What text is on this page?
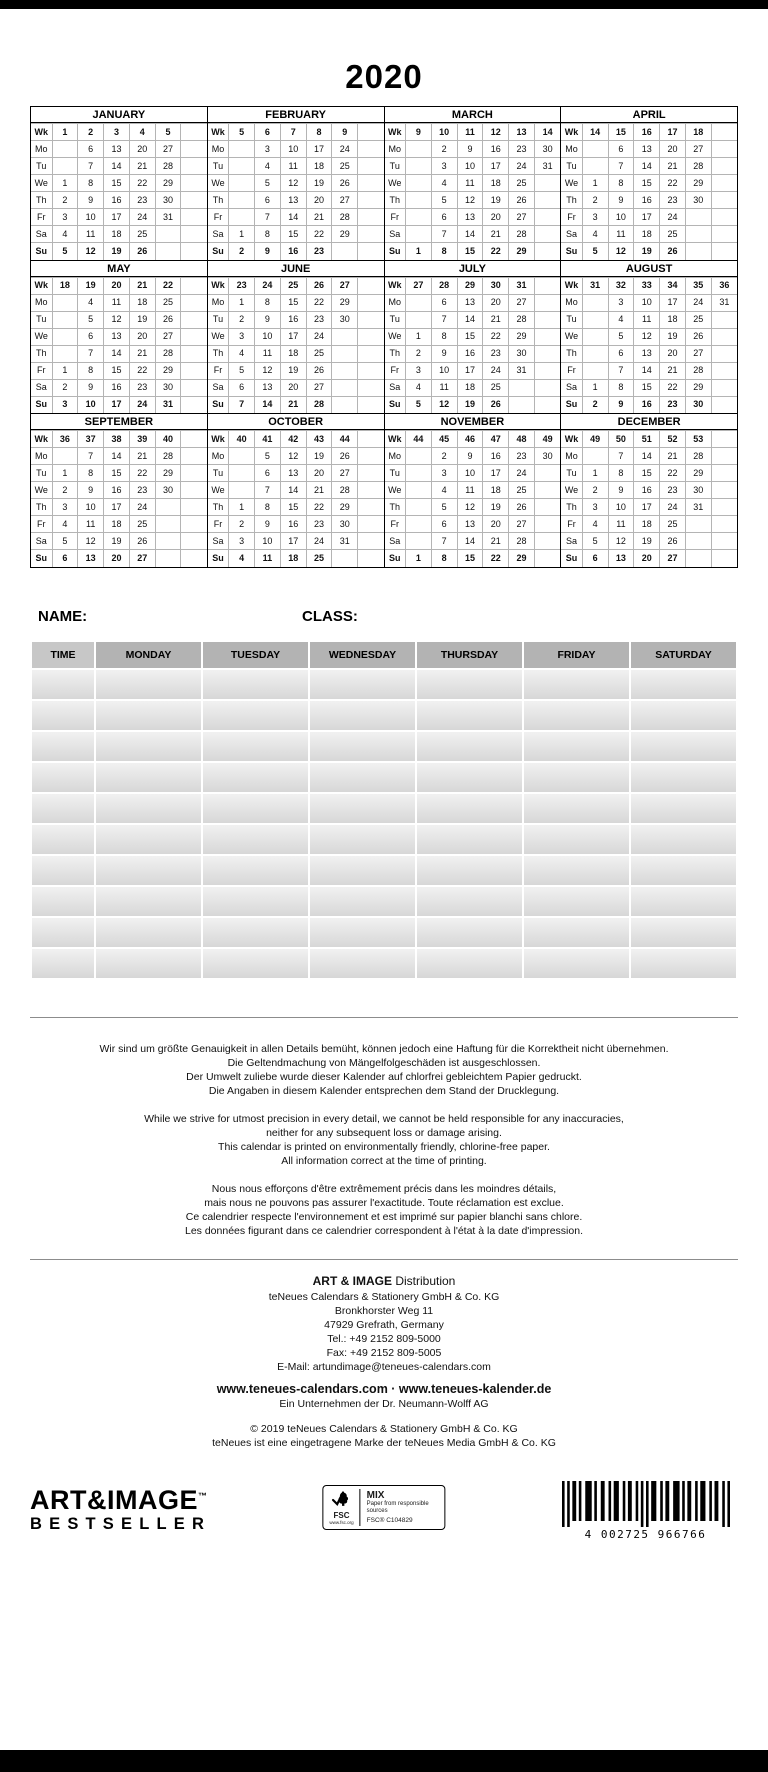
2020
JANUARY
Wk	1	2	3	4	5	
Mo		6	13	20	27	
Tu		7	14	21	28	
We	1	8	15	22	29	
Th	2	9	16	23	30	
Fr	3	10	17	24	31	
Sa	4	11	18	25		
Su	5	12	19	26		
FEBRUARY
Wk	5	6	7	8	9	
Mo		3	10	17	24	
Tu		4	11	18	25	
We		5	12	19	26	
Th		6	13	20	27	
Fr		7	14	21	28	
Sa	1	8	15	22	29	
Su	2	9	16	23		
MARCH
Wk	9	10	11	12	13	14
Mo		2	9	16	23	30
Tu		3	10	17	24	31
We		4	11	18	25	
Th		5	12	19	26	
Fr		6	13	20	27	
Sa		7	14	21	28	
Su	1	8	15	22	29	
APRIL
Wk	14	15	16	17	18	
Mo		6	13	20	27	
Tu		7	14	21	28	
We	1	8	15	22	29	
Th	2	9	16	23	30	
Fr	3	10	17	24		
Sa	4	11	18	25		
Su	5	12	19	26		
MAY
Wk	18	19	20	21	22	
Mo		4	11	18	25	
Tu		5	12	19	26	
We		6	13	20	27	
Th		7	14	21	28	
Fr	1	8	15	22	29	
Sa	2	9	16	23	30	
Su	3	10	17	24	31	
JUNE
Wk	23	24	25	26	27	
Mo	1	8	15	22	29	
Tu	2	9	16	23	30	
We	3	10	17	24		
Th	4	11	18	25		
Fr	5	12	19	26		
Sa	6	13	20	27		
Su	7	14	21	28		
JULY
Wk	27	28	29	30	31	
Mo		6	13	20	27	
Tu		7	14	21	28	
We	1	8	15	22	29	
Th	2	9	16	23	30	
Fr	3	10	17	24	31	
Sa	4	11	18	25		
Su	5	12	19	26		
AUGUST
Wk	31	32	33	34	35	36
Mo		3	10	17	24	31
Tu		4	11	18	25	
We		5	12	19	26	
Th		6	13	20	27	
Fr		7	14	21	28	
Sa	1	8	15	22	29	
Su	2	9	16	23	30	
SEPTEMBER
Wk	36	37	38	39	40	
Mo		7	14	21	28	
Tu	1	8	15	22	29	
We	2	9	16	23	30	
Th	3	10	17	24		
Fr	4	11	18	25		
Sa	5	12	19	26		
Su	6	13	20	27		
OCTOBER
Wk	40	41	42	43	44	
Mo		5	12	19	26	
Tu		6	13	20	27	
We		7	14	21	28	
Th	1	8	15	22	29	
Fr	2	9	16	23	30	
Sa	3	10	17	24	31	
Su	4	11	18	25		
NOVEMBER
Wk	44	45	46	47	48	49
Mo		2	9	16	23	30
Tu		3	10	17	24	
We		4	11	18	25	
Th		5	12	19	26	
Fr		6	13	20	27	
Sa		7	14	21	28	
Su	1	8	15	22	29	
DECEMBER
Wk	49	50	51	52	53	
Mo		7	14	21	28	
Tu	1	8	15	22	29	
We	2	9	16	23	30	
Th	3	10	17	24	31	
Fr	4	11	18	25		
Sa	5	12	19	26		
Su	6	13	20	27		
NAME:	CLASS:
TIME	MONDAY	TUESDAY	WEDNESDAY	THURSDAY	FRIDAY	SATURDAY

Wir sind um größte Genauigkeit in allen Details bemüht, können jedoch eine Haftung für die Korrektheit nicht übernehmen.
Die Geltendmachung von Mängelfolgeschäden ist ausgeschlossen.
Der Umwelt zuliebe wurde dieser Kalender auf chlorfrei gebleichtem Papier gedruckt.
Die Angaben in diesem Kalender entsprechen dem Stand der Drucklegung.

While we strive for utmost precision in every detail, we cannot be held responsible for any inaccuracies,
neither for any subsequent loss or damage arising.
This calendar is printed on environmentally friendly, chlorine-free paper.
All information correct at the time of printing.

Nous nous efforçons d'être extrêmement précis dans les moindres détails,
mais nous ne pouvons pas assurer l'exactitude. Toute réclamation est exclue.
Ce calendrier respecte l'environnement et est imprimé sur papier blanchi sans chlore.
Les données figurant dans ce calendrier correspondent à l'état à la date d'impression.

ART & IMAGE Distribution
teNeues Calendars & Stationery GmbH & Co. KG
Bronkhorster Weg 11
47929 Grefrath, Germany
Tel.: +49 2152 809-5000
Fax: +49 2152 809-5005
E-Mail: artundimage@teneues-calendars.com
www.teneues-calendars.com · www.teneues-kalender.de
Ein Unternehmen der Dr. Neumann-Wolff AG
© 2019 teNeues Calendars & Stationery GmbH & Co. KG
teNeues ist eine eingetragene Marke der teNeues Media GmbH & Co. KG
ART&IMAGE™
BESTSELLER	FSC
www.fsc.org
MIX
Paper from responsible sources
FSC® C104829
4 002725 966766
